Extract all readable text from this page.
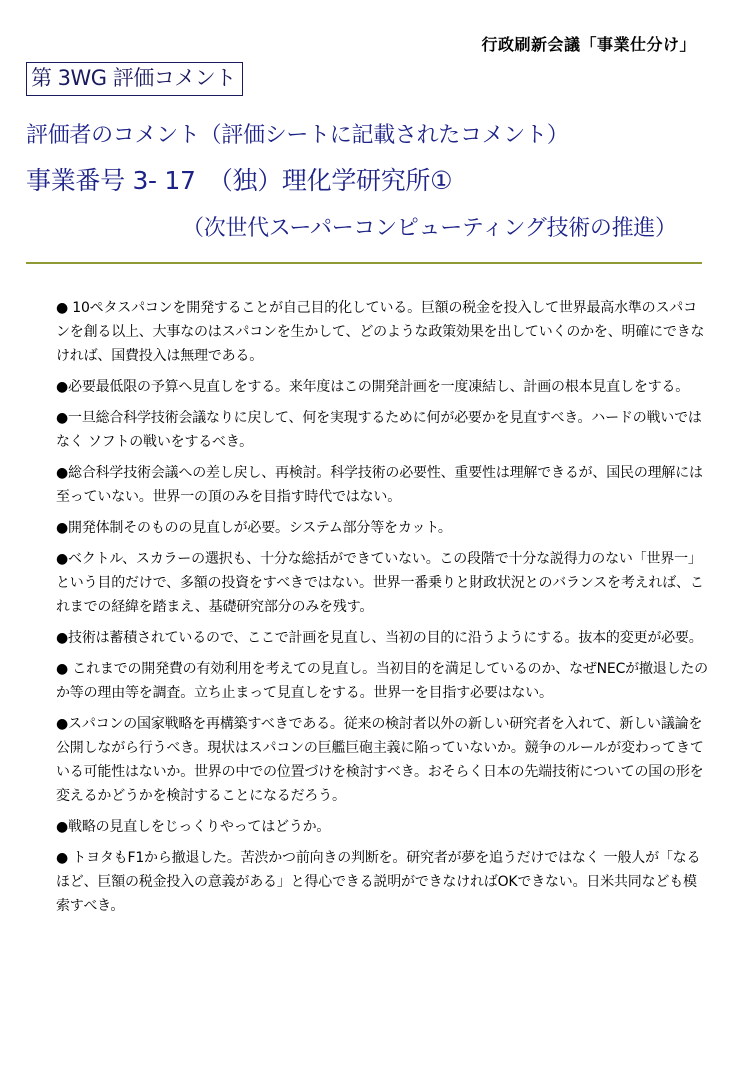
行政刷新会議「事業仕分け」
第 3WG 評価コメント
評価者のコメント（評価シートに記載されたコメント）
事業番号 3- 17　（独）理化学研究所①
（次世代スーパーコンピューティング技術の推進）
● 10ペタスパコンを開発することが自己目的化している。巨額の税金を投入して世界最高水準のスパコンを創る以上、大事なのはスパコンを生かして、どのような政策効果を出していくのかを、明確にできなければ、国費投入は無理である。
●必要最低限の予算へ見直しをする。来年度はこの開発計画を一度凍結し、計画の根本見直しをする。
●一旦総合科学技術会議なりに戻して、何を実現するために何が必要かを見直すべき。ハードの戦いではなく ソフトの戦いをするべき。
●総合科学技術会議への差し戻し、再検討。科学技術の必要性、重要性は理解できるが、国民の理解には至っていない。世界一の頂のみを目指す時代ではない。
●開発体制そのものの見直しが必要。システム部分等をカット。
●ベクトル、スカラーの選択も、十分な総括ができていない。この段階で十分な説得力のない「世界一」という目的だけで、多額の投資をすべきではない。世界一番乗りと財政状況とのバランスを考えれば、これまでの経緯を踏まえ、基礎研究部分のみを残す。
●技術は蓄積されているので、ここで計画を見直し、当初の目的に沿うようにする。抜本的変更が必要。
● これまでの開発費の有効利用を考えての見直し。当初目的を満足しているのか、なぜNECが撤退したのか等の理由等を調査。立ち止まって見直しをする。世界一を目指す必要はない。
●スパコンの国家戦略を再構築すべきである。従来の検討者以外の新しい研究者を入れて、新しい議論を公開しながら行うべき。現状はスパコンの巨艦巨砲主義に陥っていないか。競争のルールが変わってきている可能性はないか。世界の中での位置づけを検討すべき。おそらく日本の先端技術についての国の形を変えるかどうかを検討することになるだろう。
●戦略の見直しをじっくりやってはどうか。
● トヨタもF1から撤退した。苦渋かつ前向きの判断を。研究者が夢を追うだけではなく 一般人が「なるほど、巨額の税金投入の意義がある」と得心できる説明ができなければOKできない。日米共同なども模索すべき。
